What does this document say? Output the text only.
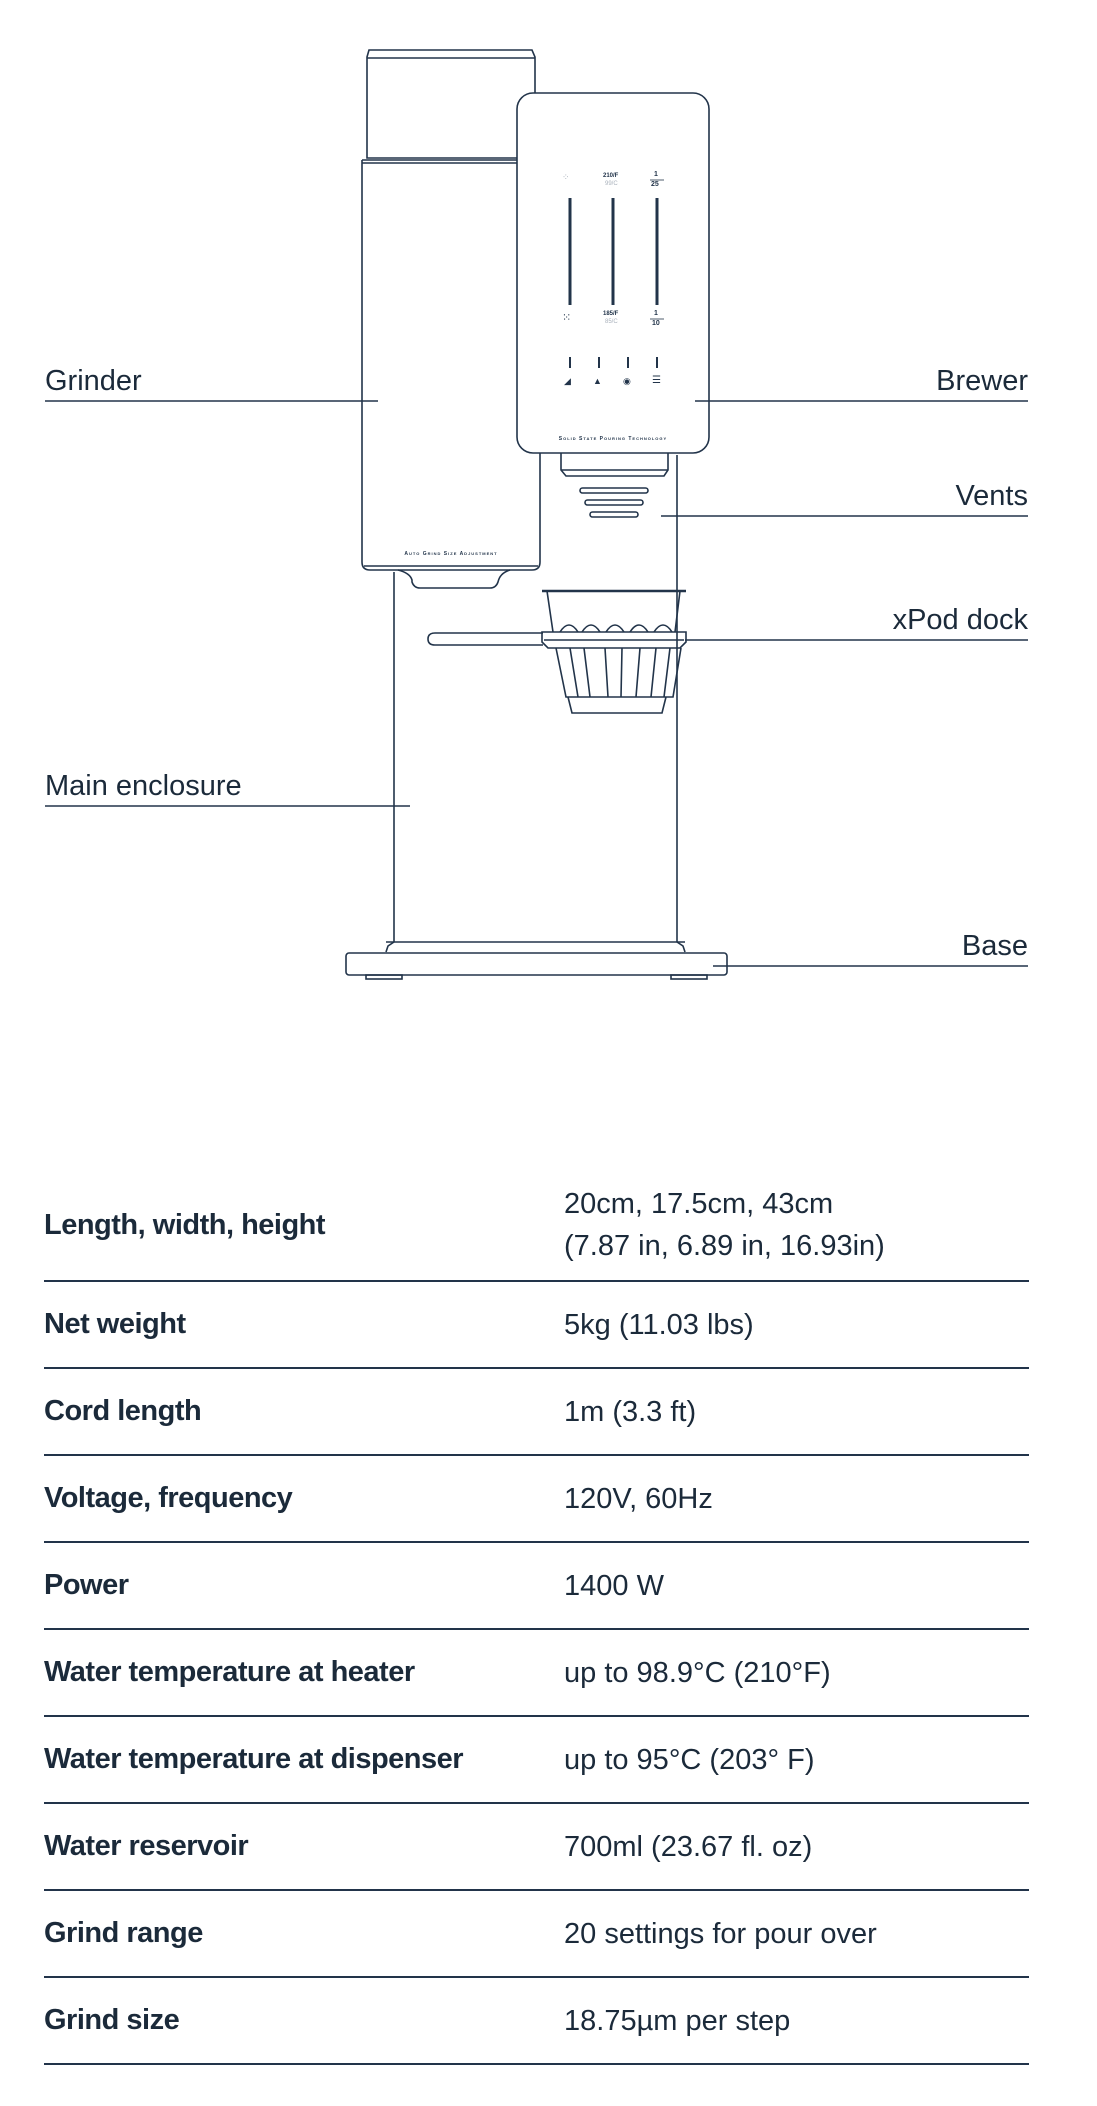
⁘
⁙
210/F
99/C
185/F
85/C
1
25
1
10
◢ ▲ ◉ ☰
Solid State Pouring Technology
Auto Grind Size Adjustment
Grinder	Brewer
Vents
xPod dock
Main enclosure
Base
Length, width, height
20cm, 17.5cm, 43cm
(7.87 in, 6.89 in, 16.93in)
Net weight	5kg (11.03 lbs)
Cord length	1m (3.3 ft)
Voltage, frequency	120V, 60Hz
Power	1400 W
Water temperature at heater	up to 98.9°C (210°F)
Water temperature at dispenser	up to 95°C (203° F)
Water reservoir	700ml (23.67 fl. oz)
Grind range	20 settings for pour over
Grind size	18.75µm per step
